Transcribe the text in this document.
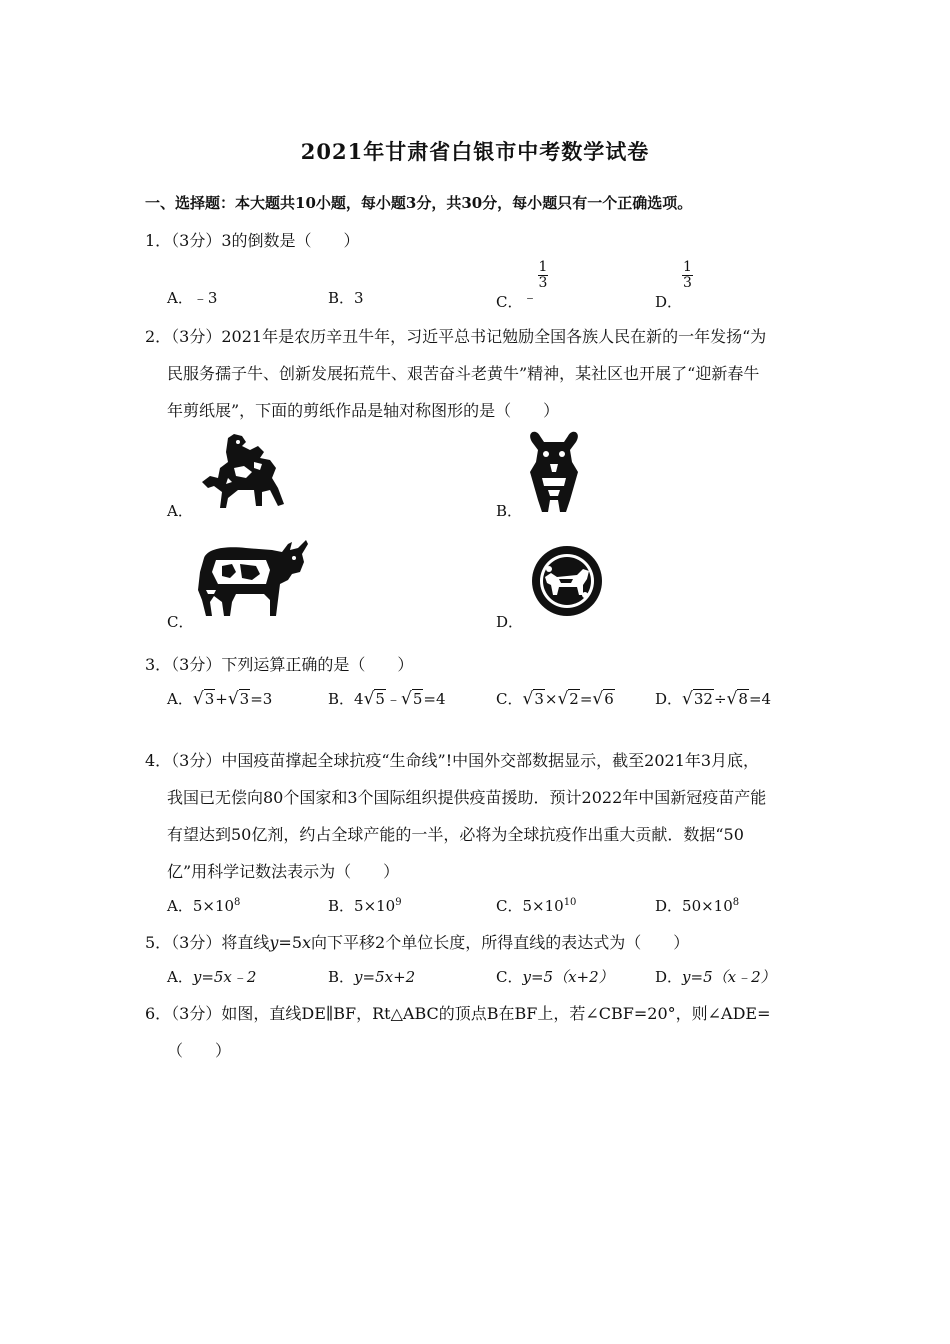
2021年甘肃省白银市中考数学试卷
一、选择题：本大题共10小题，每小题3分，共30分，每小题只有一个正确选项。
1．（3分）3的倒数是（　　）
A．﹣3	B．3	C．﹣
$\frac{1}{3}$
D．
$\frac{1}{3}$
2．（3分）2021年是农历辛丑牛年，习近平总书记勉励全国各族人民在新的一年发扬“为
民服务孺子牛、创新发展拓荒牛、艰苦奋斗老黄牛”精神，某社区也开展了“迎新春牛
年剪纸展”，下面的剪纸作品是轴对称图形的是（　　）
A．	B．
C．	D．
3．（3分）下列运算正确的是（　　）
A．√3+√3=3	B．4√5﹣√5=4	C．√3×√2=√6	D．√32÷√8=4
4．（3分）中国疫苗撑起全球抗疫“生命线”!中国外交部数据显示，截至2021年3月底，
我国已无偿向80个国家和3个国际组织提供疫苗援助．预计2022年中国新冠疫苗产能
有望达到50亿剂，约占全球产能的一半，必将为全球抗疫作出重大贡献．数据“50
亿”用科学记数法表示为（　　）
A．$5\times 10^8$	B．$5\times 10^9$	C．$5\times 10^{10}$	D．$50\times 10^8$
5．（3分）将直线y=5x向下平移2个单位长度，所得直线的表达式为（　　）
A．y=5x﹣2	B．y=5x+2	C．y=5（x+2）	D．y=5（x﹣2）
6．（3分）如图，直线DE∥BF，Rt△ABC的顶点B在BF上，若∠CBF=20°，则∠ADE=
（　　）
